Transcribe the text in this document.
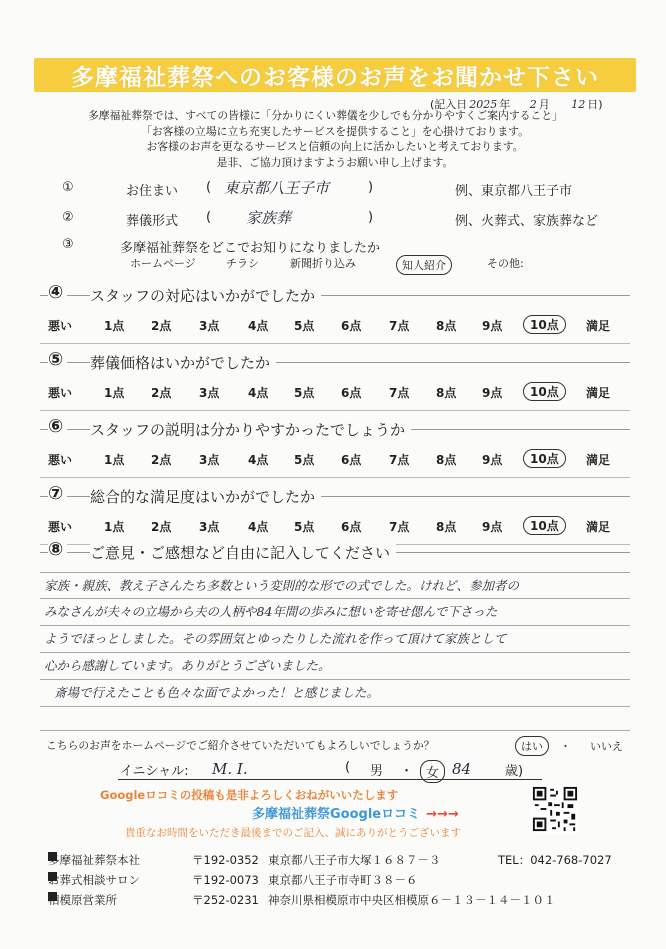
多摩福祉葬祭へのお客様のお声をお聞かせ下さい
(記入日 2025 年 2 月 12 日)
多摩福祉葬祭では、すべての皆様に「分かりにくい葬儀を少しでも分かりやすくご案内すること」
「お客様の立場に立ち充実したサービスを提供すること」を心掛けております。
お客様のお声を更なるサービスと信頼の向上に活かしたいと考えております。
是非、ご協力頂けますようお願い申し上げます。
①	お住まい ( 東京都八王子市	)	例、東京都八王子市
②	葬儀形式 ( 家族葬	)	例、火葬式、家族葬など
③	多摩福祉葬祭をどこでお知りになりましたか
ホームページ	チラシ	新聞折り込み	知人紹介	その他:
④ スタッフの対応はいかがでしたか
悪い	1点 2点 3点 4点 5点 6点 7点 8点 9点	10点	満足
⑤ 葬儀価格はいかがでしたか
悪い	1点 2点 3点 4点 5点 6点 7点 8点 9点	10点	満足
⑥ スタッフの説明は分かりやすかったでしょうか
悪い	1点 2点 3点 4点 5点 6点 7点 8点 9点	10点	満足
⑦ 総合的な満足度はいかがでしたか
悪い	1点 2点 3点 4点 5点 6点 7点 8点 9点	10点	満足
⑧ ご意見・ご感想など自由に記入してください
家族・親族、教え子さんたち多数という変則的な形での式でした。けれど、参加者の
みなさんが夫々の立場から夫の人柄や84年間の歩みに想いを寄せ偲んで下さった
ようでほっとしました。その雰囲気とゆったりした流れを作って頂けて家族として
心から感謝しています。ありがとうございました。
斎場で行えたことも色々な面でよかった！と感じました。
こちらのお声をホームページでご紹介させていただいてもよろしいでしょうか？	はい	・ いいえ
イニシャル: M. I.	( 男 ・ 女 84	歳)
Googleロコミの投稿も是非よろしくおねがいいたします
多摩福祉葬祭Googleロコミ →→→
貴重なお時間をいただき最後までのご記入、誠にありがとうございます
多摩福祉葬祭本社	〒192-0352 東京都八王子市大塚１６８７－３	TEL：042-768-7027
お葬式相談サロン	〒192-0073 東京都八王子市寺町３８－６
相模原営業所	〒252-0231 神奈川県相模原市中央区相模原６－１３－１４－１０１
